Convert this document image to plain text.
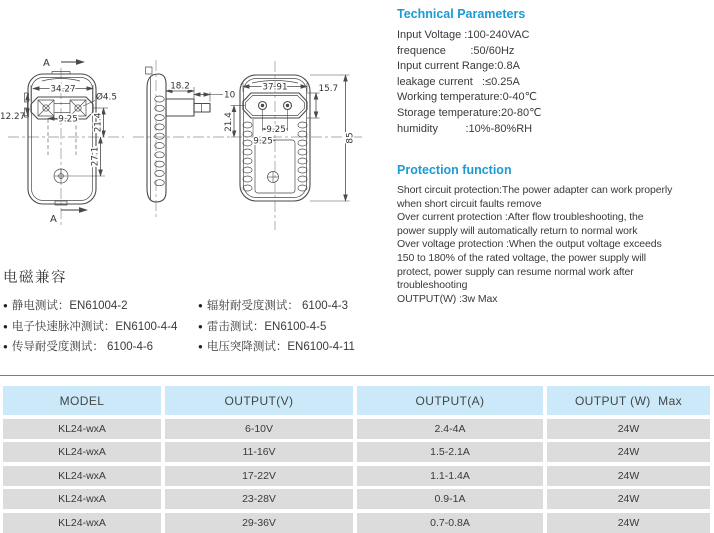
A
A
34.27
Ø4.5
12.27	9.25 21.4
27.1
18.2
10
37.91	15.7
21.4	9.25
9.25	85
Technical Parameters
Input Voltage :100-240VAC
frequence        :50/60Hz
Input current Range:0.8A
leakage current   :≤0.25A
Working temperature:0-40℃
Storage temperature:20-80℃
humidity         :10%-80%RH
Protection function
Short circuit protection:The power adapter can work properly
when short circuit faults remove
Over current protection :After flow troubleshooting, the
power supply will automatically return to normal work
Over voltage protection :When the output voltage exceeds
150 to 180% of the rated voltage, the power supply will
protect, power supply can resume normal work after
troubleshooting
OUTPUT(W) :3w Max
电磁兼容
● 静电测试：EN61004-2
● 电子快速脉冲测试：EN6100-4-4
● 传导耐受度测试： 6100-4-6
● 辐射耐受度测试： 6100-4-3
● 雷击测试：EN6100-4-5
● 电压突降测试：EN6100-4-11
MODEL	OUTPUT(V)	OUTPUT(A)	OUTPUT (W)  Max
KL24-wxA	6-10V	2.4-4A	24W
KL24-wxA	11-16V	1.5-2.1A	24W
KL24-wxA	17-22V	1.1-1.4A	24W
KL24-wxA	23-28V	0.9-1A	24W
KL24-wxA	29-36V	0.7-0.8A	24W
